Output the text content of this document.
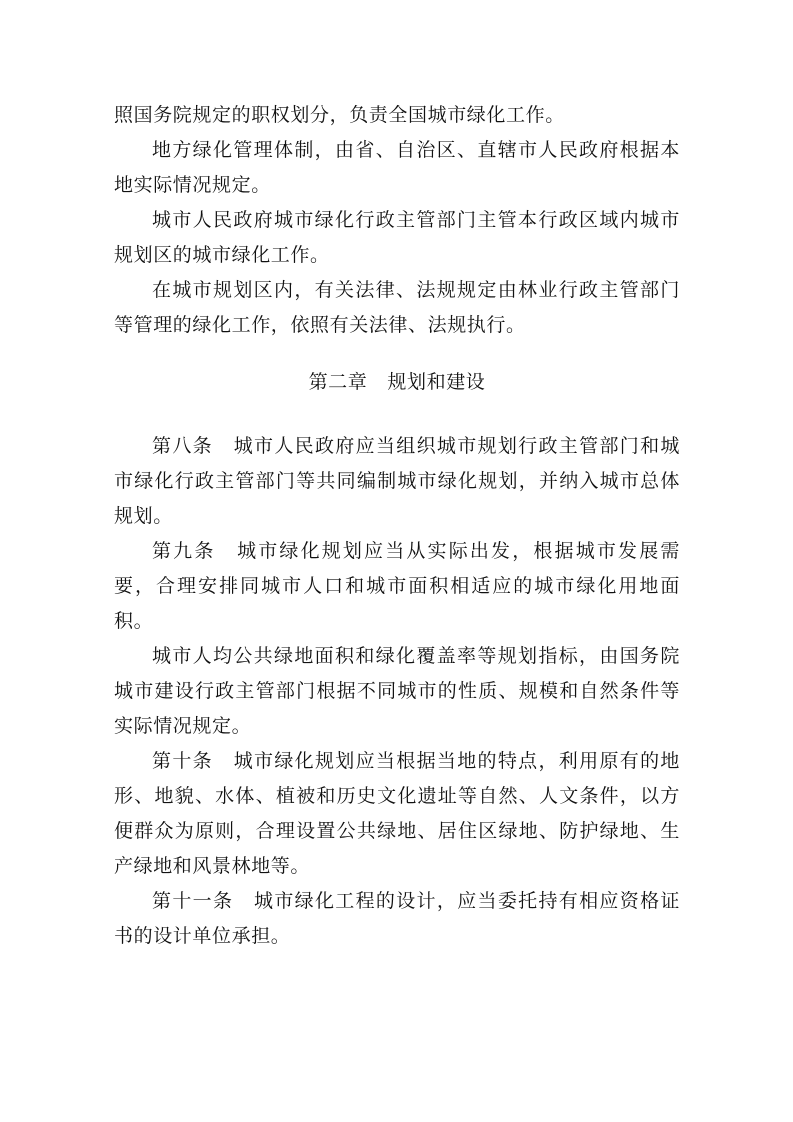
照国务院规定的职权划分，负责全国城市绿化工作。

地方绿化管理体制，由省、自治区、直辖市人民政府根据本地实际情况规定。

城市人民政府城市绿化行政主管部门主管本行政区域内城市规划区的城市绿化工作。

在城市规划区内，有关法律、法规规定由林业行政主管部门等管理的绿化工作，依照有关法律、法规执行。

第二章 规划和建设

第八条 城市人民政府应当组织城市规划行政主管部门和城市绿化行政主管部门等共同编制城市绿化规划，并纳入城市总体规划。

第九条 城市绿化规划应当从实际出发，根据城市发展需要，合理安排同城市人口和城市面积相适应的城市绿化用地面积。

城市人均公共绿地面积和绿化覆盖率等规划指标，由国务院城市建设行政主管部门根据不同城市的性质、规模和自然条件等实际情况规定。

第十条 城市绿化规划应当根据当地的特点，利用原有的地形、地貌、水体、植被和历史文化遗址等自然、人文条件，以方便群众为原则，合理设置公共绿地、居住区绿地、防护绿地、生产绿地和风景林地等。

第十一条 城市绿化工程的设计，应当委托持有相应资格证书的设计单位承担。
